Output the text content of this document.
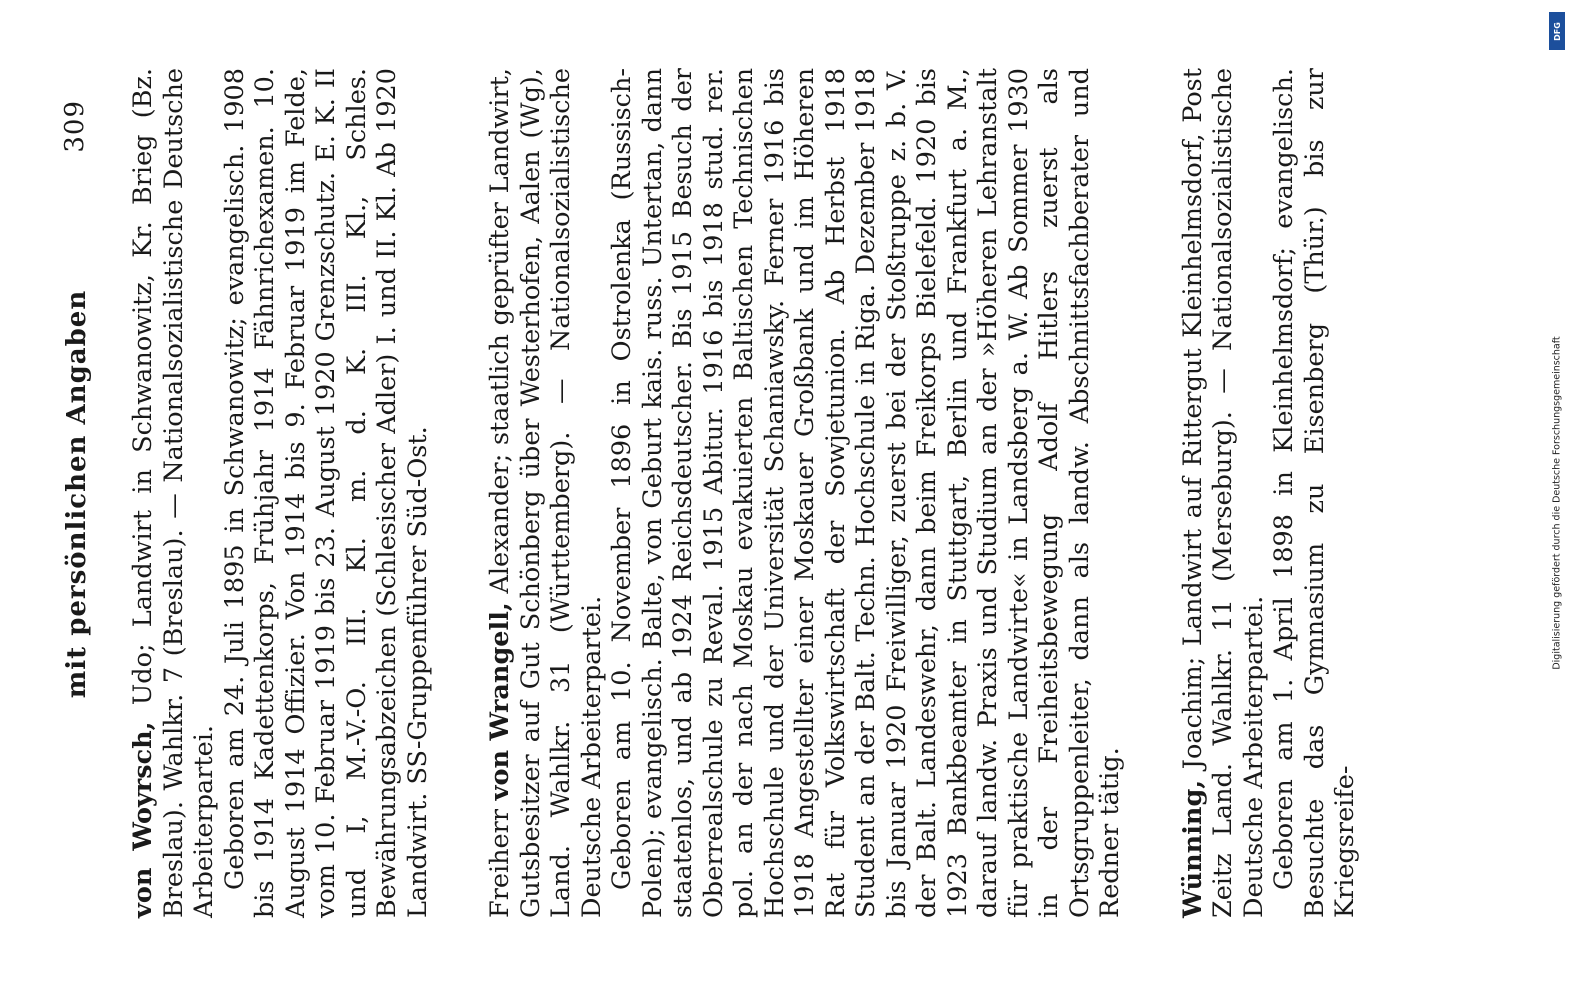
mit persönlichen Angaben
309

von Woyrsch, Udo; Landwirt in Schwanowitz, Kr. Brieg (Bz. Breslau). Wahlkr. 7 (Breslau). — Nationalsozialistische Deutsche Arbeiterpartei. Geboren am 24. Juli 1895 in Schwanowitz; evangelisch. 1908 bis 1914 Kadettenkorps, Frühjahr 1914 Fähnrichexamen. 10. August 1914 Offizier. Von 1914 bis 9. Februar 1919 im Felde, vom 10. Februar 1919 bis 23. August 1920 Grenzschutz. E. K. II und I, M.-V.-O. III. Kl. m. d. K. III. Kl., Schles. Bewährungsabzeichen (Schlesischer Adler) I. und II. Kl. Ab 1920 Landwirt. SS-Gruppenführer Süd-Ost. Freiherr von Wrangell, Alexander; staatlich geprüfter Landwirt, Gutsbesitzer auf Gut Schönberg über Westerhofen, Aalen (Wg), Land. Wahlkr. 31 (Württemberg). — Nationalsozialistische Deutsche Arbeiterpartei. Geboren am 10. November 1896 in Ostrolenka (Russisch-Polen); evangelisch. Balte, von Geburt kais. russ. Untertan, dann staatenlos, und ab 1924 Reichsdeutscher. Bis 1915 Besuch der Oberrealschule zu Reval. 1915 Abitur. 1916 bis 1918 stud. rer. pol. an der nach Moskau evakuierten Baltischen Technischen Hochschule und der Universität Schaniawsky. Ferner 1916 bis 1918 Angestellter einer Moskauer Großbank und im Höheren Rat für Volkswirtschaft der Sowjetunion. Ab Herbst 1918 Student an der Balt. Techn. Hochschule in Riga. Dezember 1918 bis Januar 1920 Freiwilliger, zuerst bei der Stoßtruppe z. b. V. der Balt. Landeswehr, dann beim Freikorps Bielefeld. 1920 bis 1923 Bankbeamter in Stuttgart, Berlin und Frankfurt a. M., darauf landw. Praxis und Studium an der »Höheren Lehranstalt für praktische Landwirte« in Landsberg a. W. Ab Sommer 1930 in der Freiheitsbewegung Adolf Hitlers zuerst als Ortsgruppenleiter, dann als landw. Abschnittsfachberater und Redner tätig. Wünning, Joachim; Landwirt auf Rittergut Kleinhelmsdorf, Post Zeitz Land. Wahlkr. 11 (Merseburg). — Nationalsozialistische Deutsche Arbeiterpartei. Geboren am 1. April 1898 in Kleinhelmsdorf; evangelisch. Besuchte das Gymnasium zu Eisenberg (Thür.) bis zur Kriegsreife-

DFG
Digitalisierung gefördert durch die Deutsche Forschungsgemeinschaft
